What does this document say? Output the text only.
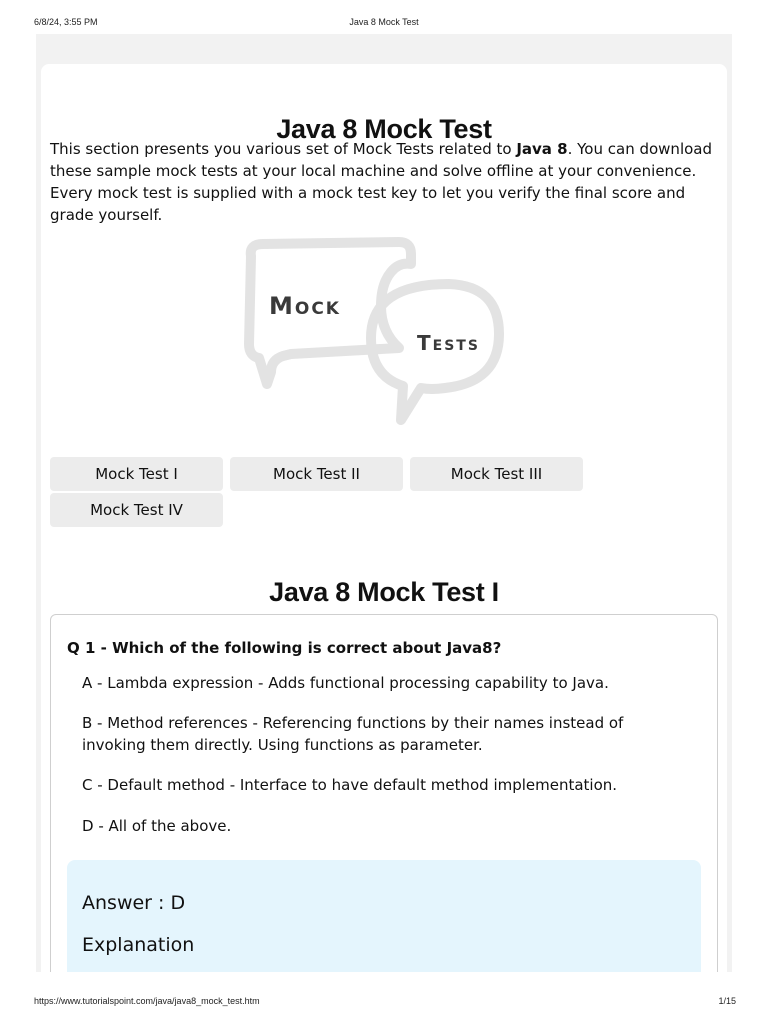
6/8/24, 3:55 PM	Java 8 Mock Test
Java 8 Mock Test

This section presents you various set of Mock Tests related to Java 8. You can download these sample mock tests at your local machine and solve offline at your convenience. Every mock test is supplied with a mock test key to let you verify the final score and grade yourself.

Mock
Tests
Mock Test I	Mock Test II	Mock Test III
Mock Test IV
Java 8 Mock Test I
Q 1 - Which of the following is correct about Java8?
A - Lambda expression - Adds functional processing capability to Java.
B - Method references - Referencing functions by their names instead of invoking them directly. Using functions as parameter.
C - Default method - Interface to have default method implementation.
D - All of the above.
Answer : D
Explanation
https://www.tutorialspoint.com/java/java8_mock_test.htm	1/15
